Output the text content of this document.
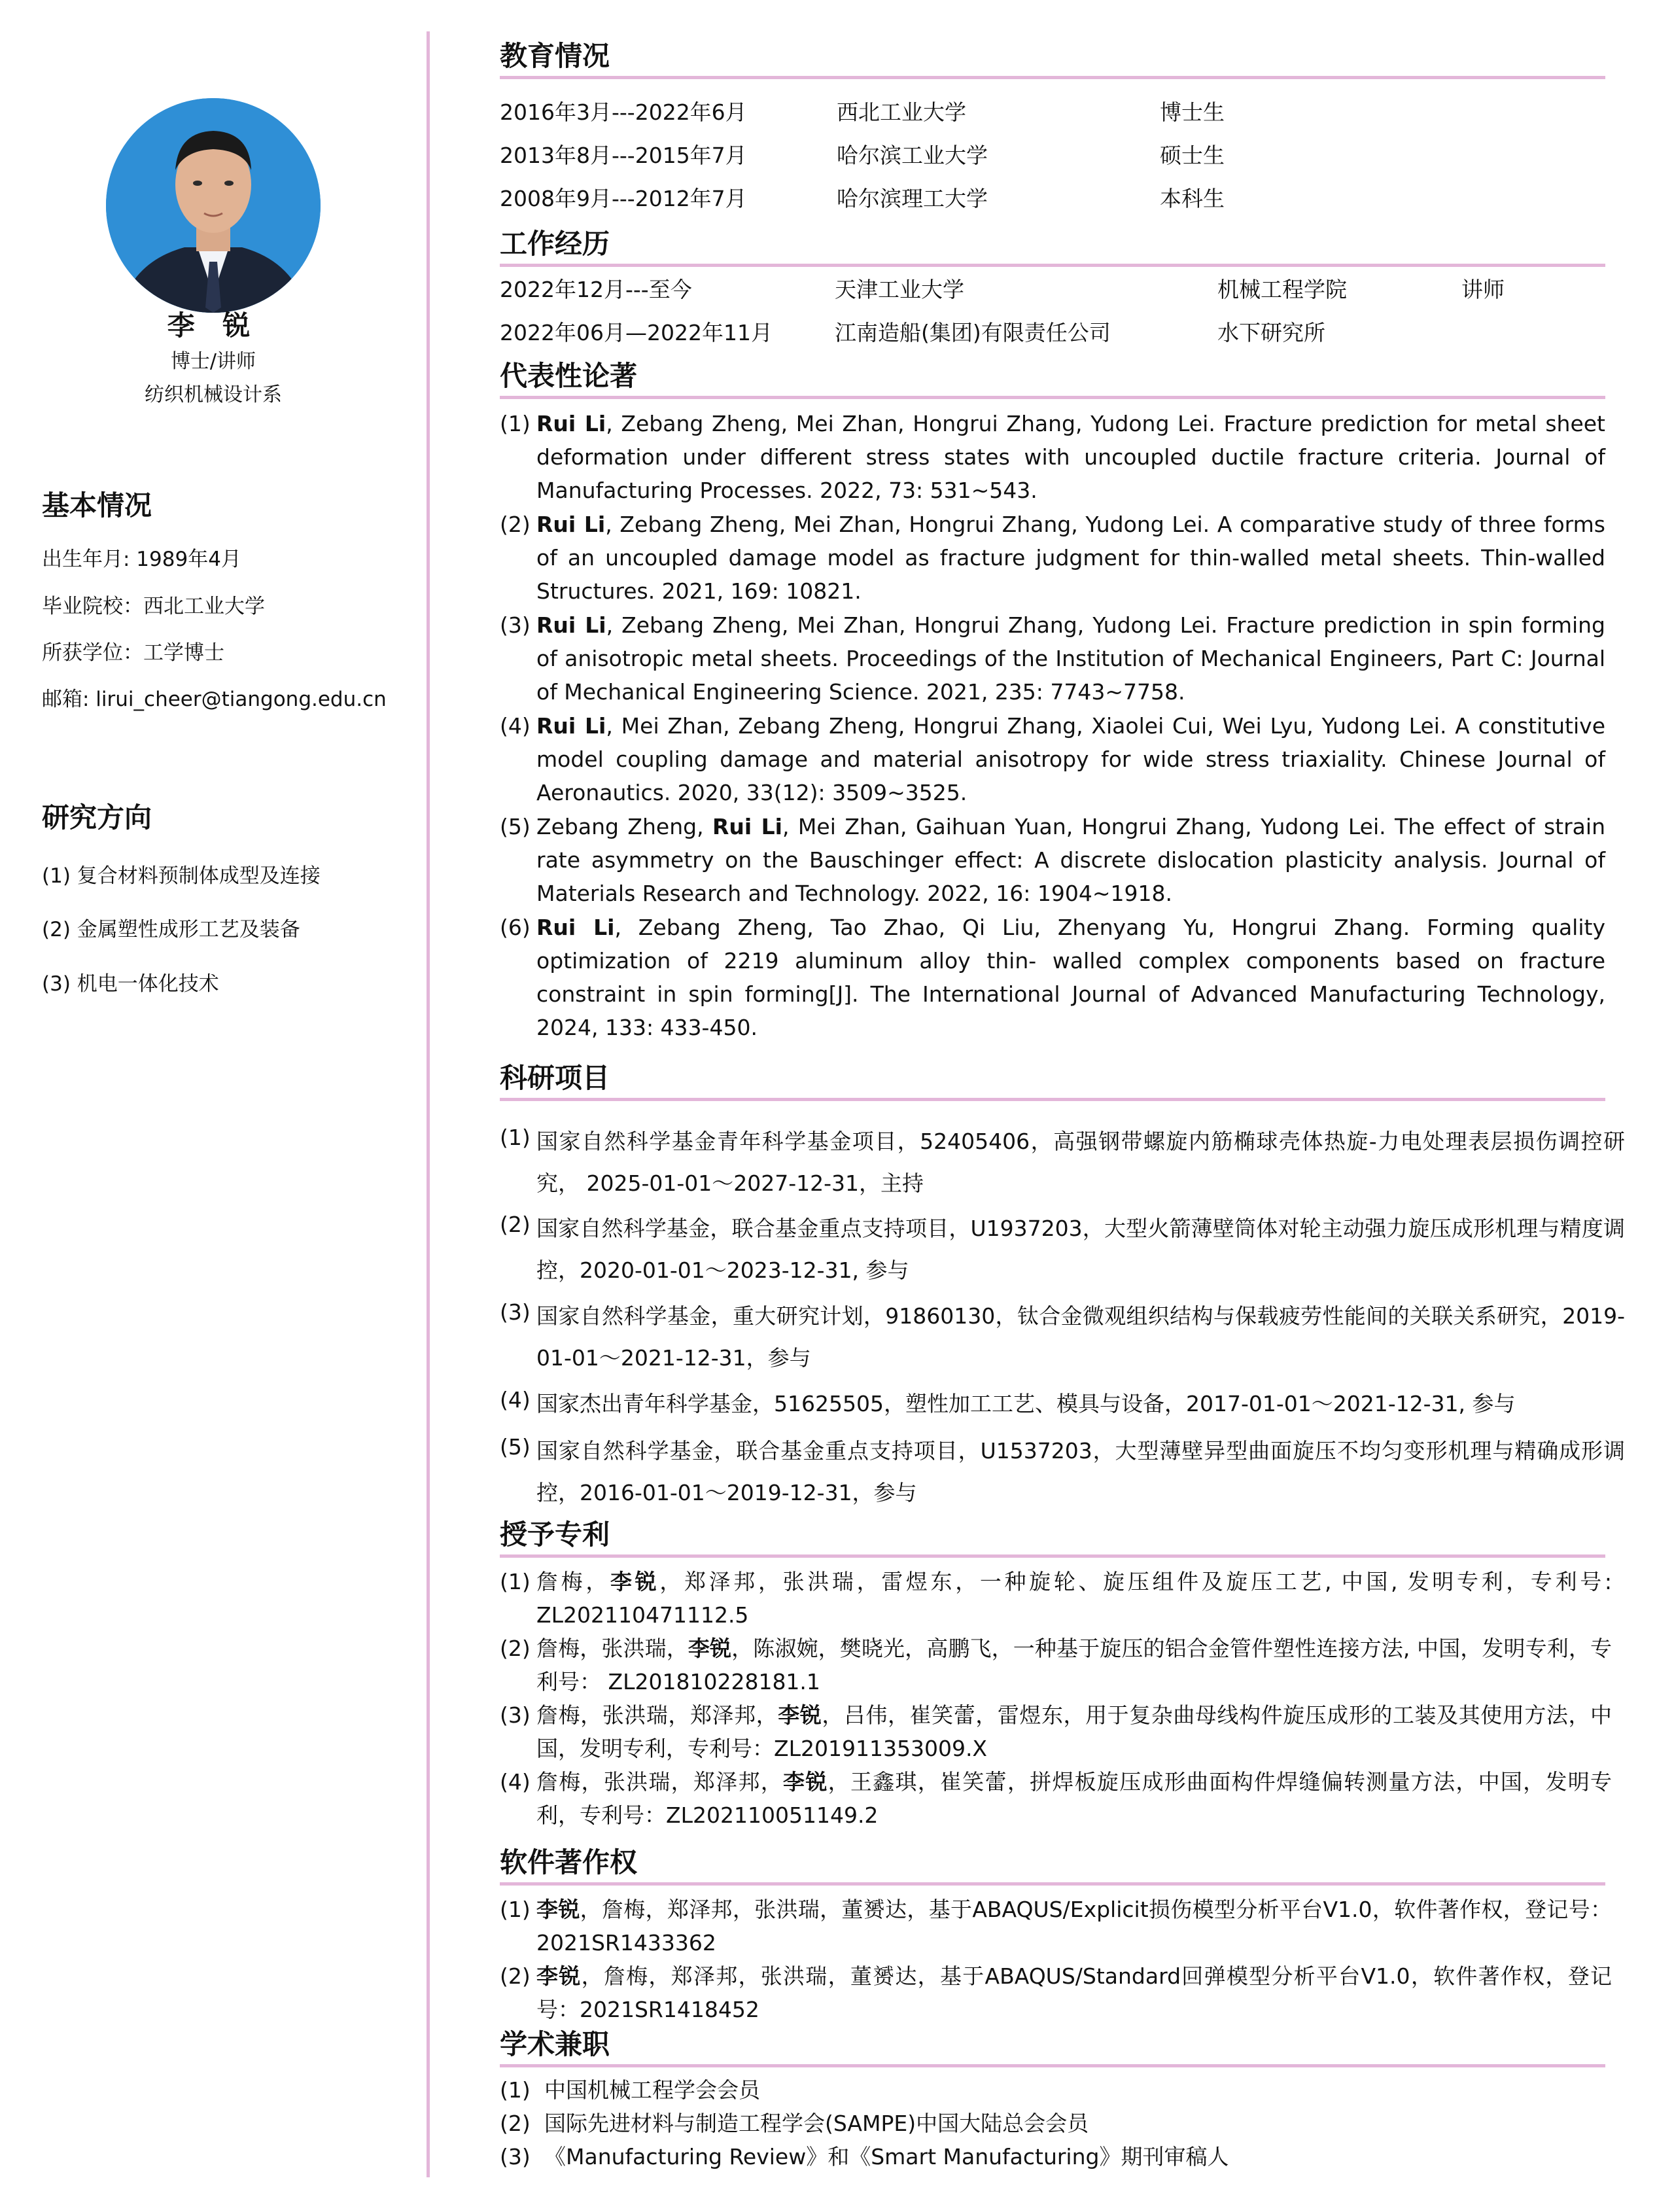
李 锐
博士/讲师
纺织机械设计系
基本情况
出生年月: 1989年4月
毕业院校：西北工业大学
所获学位：工学博士
邮箱: lirui_cheer@tiangong.edu.cn
研究方向
(1) 复合材料预制体成型及连接
(2) 金属塑性成形工艺及装备
(3) 机电一体化技术
教育情况
2016年3月---2022年6月	西北工业大学	博士生
2013年8月---2015年7月	哈尔滨工业大学	硕士生
2008年9月---2012年7月	哈尔滨理工大学	本科生
工作经历
2022年12月---至今	天津工业大学	机械工程学院	讲师
2022年06月—2022年11月	江南造船(集团)有限责任公司	水下研究所
代表性论著
(1) Rui Li, Zebang Zheng, Mei Zhan, Hongrui Zhang, Yudong Lei. Fracture prediction for metal sheet deformation under different stress states with uncoupled ductile fracture criteria. Journal of Manufacturing Processes. 2022, 73: 531~543.
(2) Rui Li, Zebang Zheng, Mei Zhan, Hongrui Zhang, Yudong Lei. A comparative study of three forms of an uncoupled damage model as fracture judgment for thin-walled metal sheets. Thin-walled Structures. 2021, 169: 10821.
(3) Rui Li, Zebang Zheng, Mei Zhan, Hongrui Zhang, Yudong Lei. Fracture prediction in spin forming of anisotropic metal sheets. Proceedings of the Institution of Mechanical Engineers, Part C: Journal of Mechanical Engineering Science. 2021, 235: 7743~7758.
(4) Rui Li, Mei Zhan, Zebang Zheng, Hongrui Zhang, Xiaolei Cui, Wei Lyu, Yudong Lei. A constitutive model coupling damage and material anisotropy for wide stress triaxiality. Chinese Journal of Aeronautics. 2020, 33(12): 3509~3525.
(5) Zebang Zheng, Rui Li, Mei Zhan, Gaihuan Yuan, Hongrui Zhang, Yudong Lei. The effect of strain rate asymmetry on the Bauschinger effect: A discrete dislocation plasticity analysis. Journal of Materials Research and Technology. 2022, 16: 1904~1918.
(6) Rui Li, Zebang Zheng, Tao Zhao, Qi Liu, Zhenyang Yu, Hongrui Zhang. Forming quality optimization of 2219 aluminum alloy thin- walled complex components based on fracture constraint in spin forming[J]. The International Journal of Advanced Manufacturing Technology, 2024, 133: 433-450.
科研项目
(1) 国家自然科学基金青年科学基金项目，52405406，高强钢带螺旋内筋椭球壳体热旋-力电处理表层损伤调控研究， 2025-01-01～2027-12-31，主持
(2) 国家自然科学基金，联合基金重点支持项目，U1937203，大型火箭薄壁筒体对轮主动强力旋压成形机理与精度调控，2020-01-01～2023-12-31, 参与
(3) 国家自然科学基金，重大研究计划，91860130，钛合金微观组织结构与保载疲劳性能间的关联关系研究，2019-01-01～2021-12-31，参与
(4) 国家杰出青年科学基金，51625505，塑性加工工艺、模具与设备，2017-01-01～2021-12-31, 参与
(5) 国家自然科学基金，联合基金重点支持项目，U1537203，大型薄壁异型曲面旋压不均匀变形机理与精确成形调控，2016-01-01～2019-12-31，参与
授予专利
(1) 詹梅，李锐，郑泽邦，张洪瑞，雷煜东，一种旋轮、旋压组件及旋压工艺, 中国, 发明专利，专利号: ZL202110471112.5
(2) 詹梅，张洪瑞，李锐，陈淑婉，樊晓光，高鹏飞，一种基于旋压的铝合金管件塑性连接方法, 中国，发明专利，专利号： ZL201810228181.1
(3) 詹梅，张洪瑞，郑泽邦，李锐，吕伟，崔笑蕾，雷煜东，用于复杂曲母线构件旋压成形的工装及其使用方法，中国，发明专利，专利号：ZL201911353009.X
(4) 詹梅，张洪瑞，郑泽邦，李锐，王鑫琪，崔笑蕾，拼焊板旋压成形曲面构件焊缝偏转测量方法，中国，发明专利，专利号：ZL202110051149.2
软件著作权
(1) 李锐，詹梅，郑泽邦，张洪瑞，董赟达，基于ABAQUS/Explicit损伤模型分析平台V1.0，软件著作权，登记号：2021SR1433362
(2) 李锐，詹梅，郑泽邦，张洪瑞，董赟达，基于ABAQUS/Standard回弹模型分析平台V1.0，软件著作权，登记号：2021SR1418452
学术兼职
(1) 中国机械工程学会会员
(2) 国际先进材料与制造工程学会(SAMPE)中国大陆总会会员
(3) 《Manufacturing Review》和《Smart Manufacturing》期刊审稿人
